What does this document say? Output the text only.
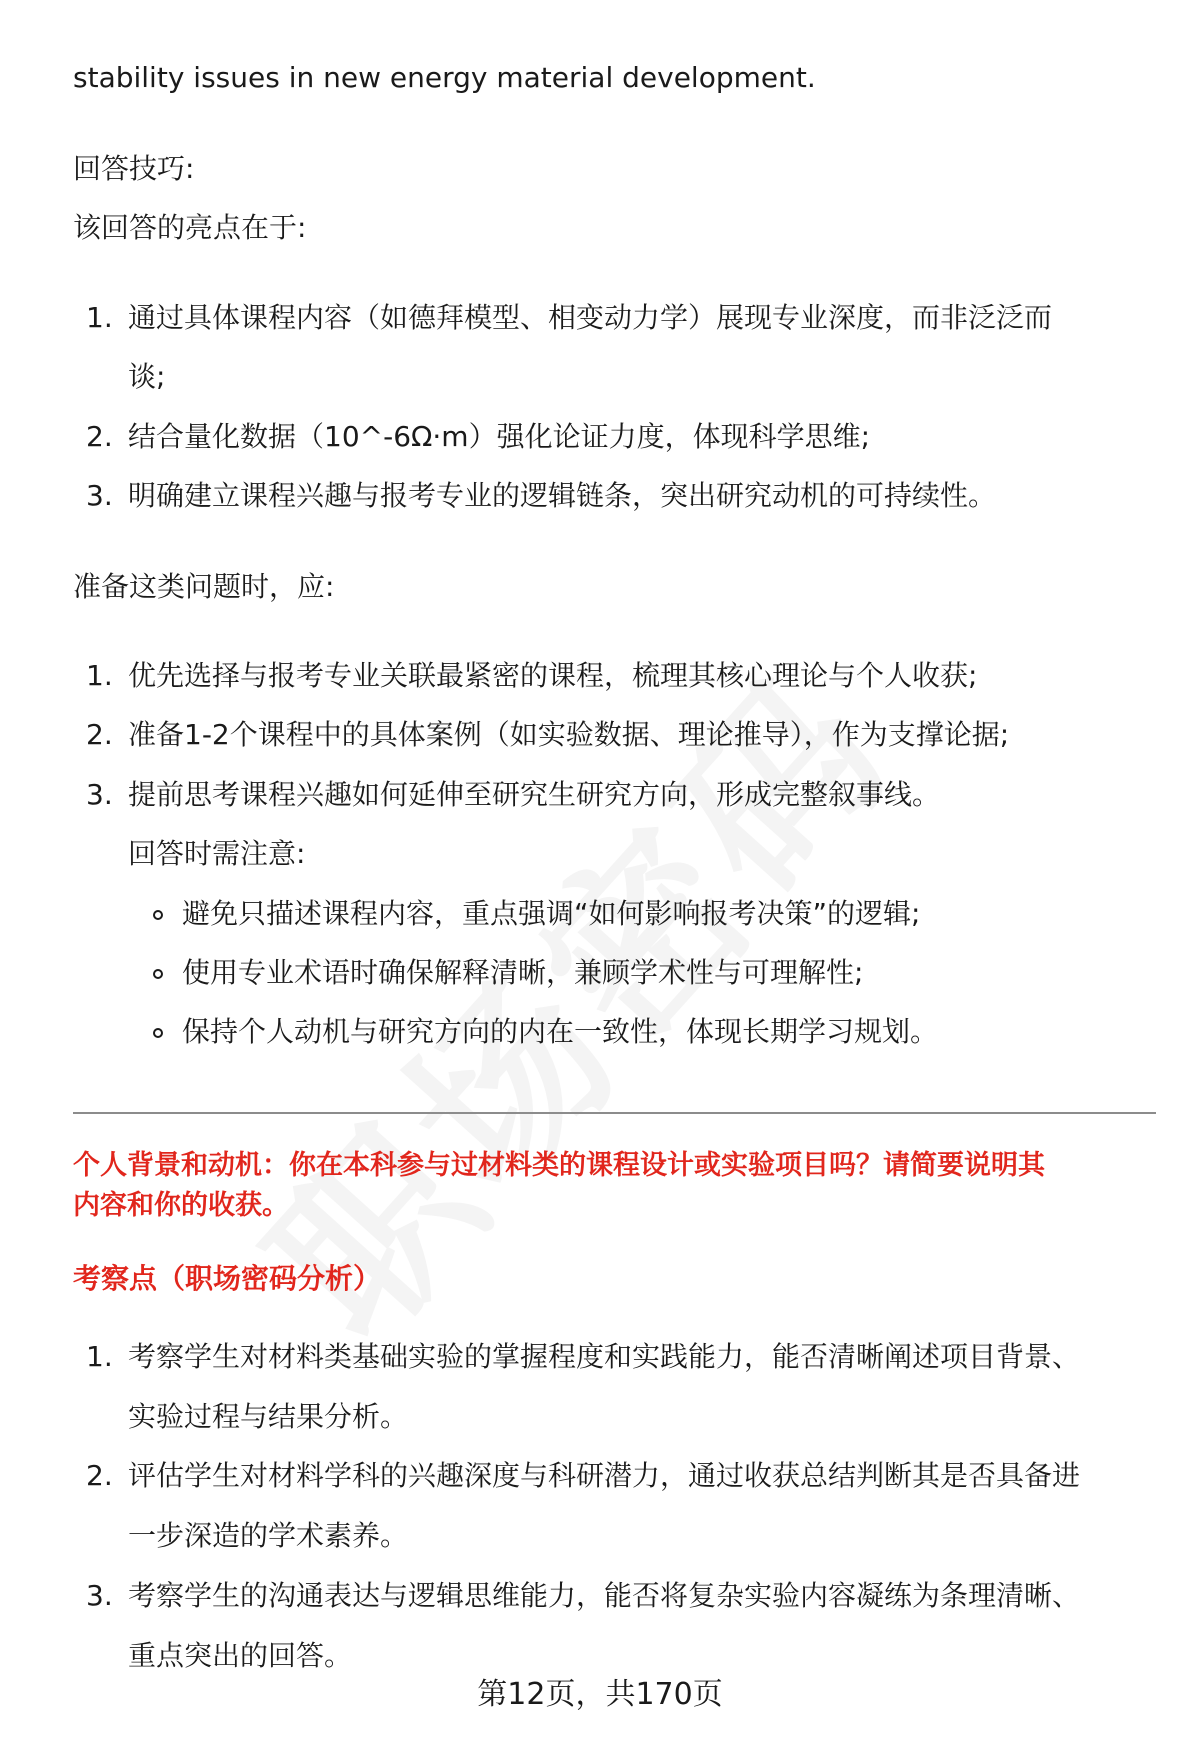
stability issues in new energy material development.
回答技巧:
该回答的亮点在于:
1. 通过具体课程内容（如德拜模型、相变动力学）展现专业深度，而非泛泛而
谈;
2. 结合量化数据（10^-6Ω·m）强化论证力度，体现科学思维;
3. 明确建立课程兴趣与报考专业的逻辑链条，突出研究动机的可持续性。
准备这类问题时，应:
1. 优先选择与报考专业关联最紧密的课程，梳理其核心理论与个人收获;
2. 准备1-2个课程中的具体案例（如实验数据、理论推导），作为支撑论据;
3. 提前思考课程兴趣如何延伸至研究生研究方向，形成完整叙事线。
回答时需注意:
避免只描述课程内容，重点强调“如何影响报考决策”的逻辑;
使用专业术语时确保解释清晰，兼顾学术性与可理解性;
保持个人动机与研究方向的内在一致性，体现长期学习规划。
个人背景和动机：你在本科参与过材料类的课程设计或实验项目吗？请简要说明其
内容和你的收获。
考察点（职场密码分析）
1. 考察学生对材料类基础实验的掌握程度和实践能力，能否清晰阐述项目背景、
实验过程与结果分析。
2. 评估学生对材料学科的兴趣深度与科研潜力，通过收获总结判断其是否具备进
一步深造的学术素养。
3. 考察学生的沟通表达与逻辑思维能力，能否将复杂实验内容凝练为条理清晰、
重点突出的回答。
第12页，共170页
